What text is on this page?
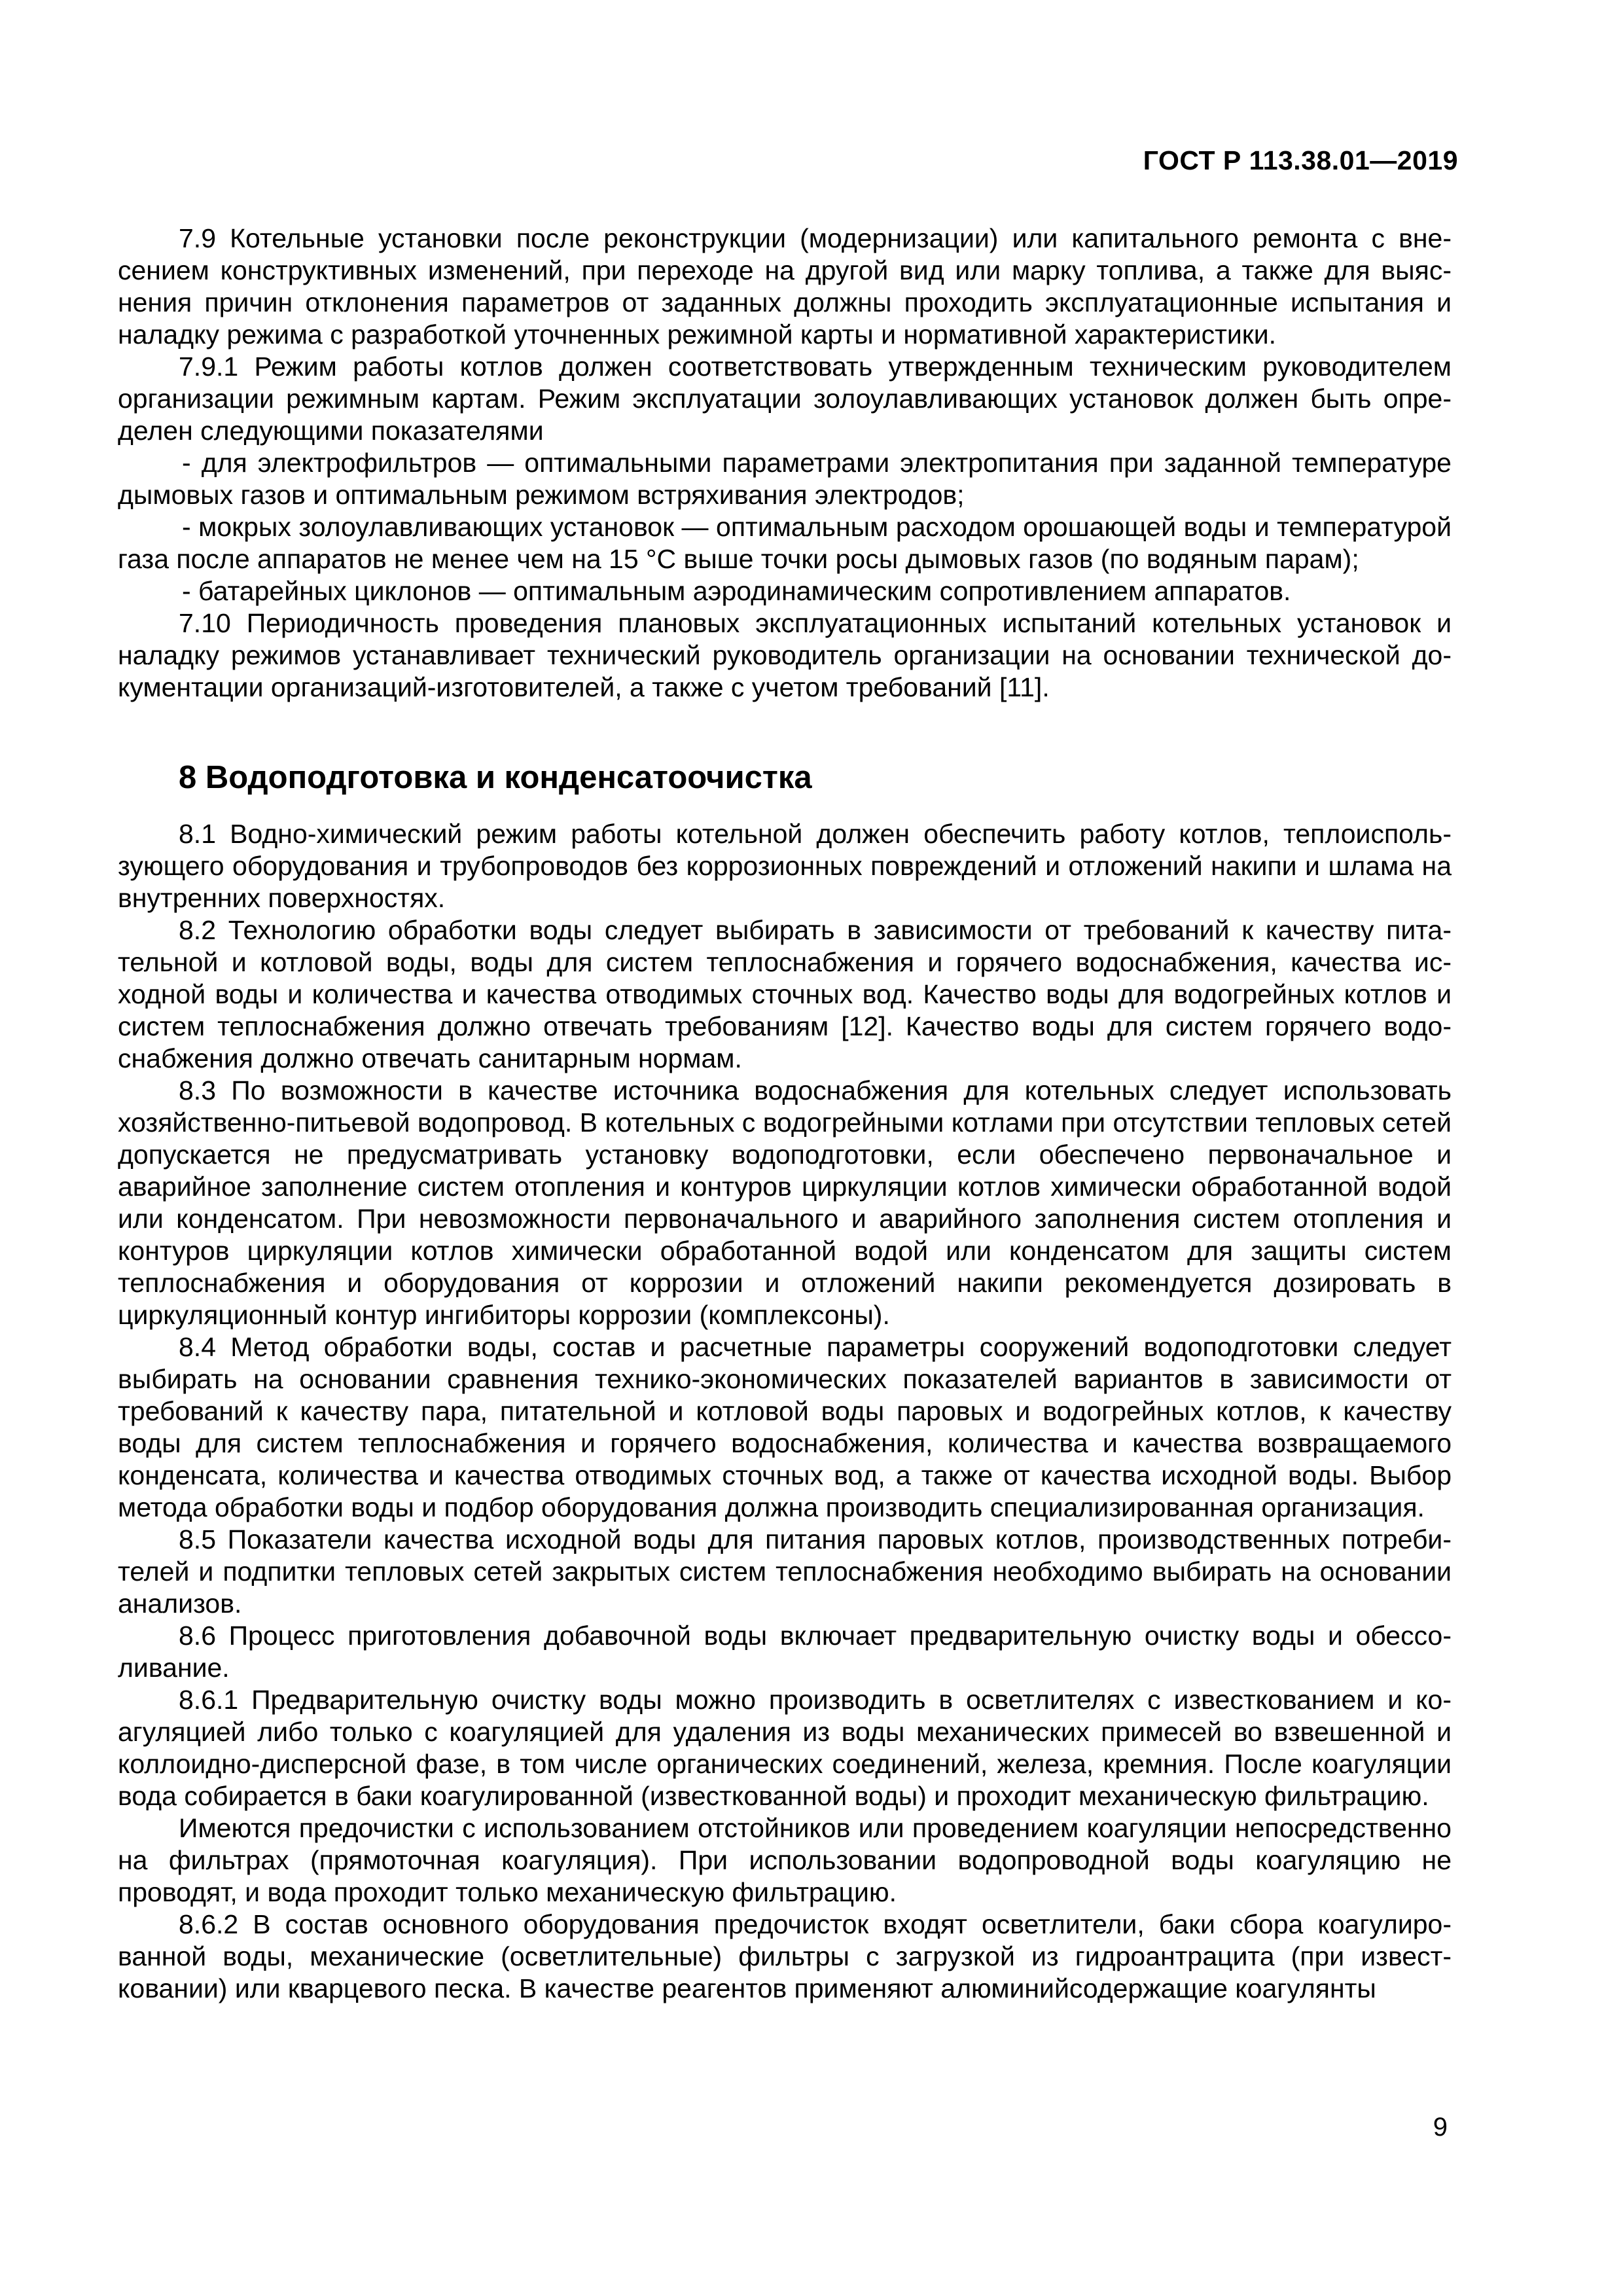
ГОСТ Р 113.38.01—2019

7.9 Котельные установки после реконструкции (модернизации) или капитального ремонта с внесением конструктивных изменений, при переходе на другой вид или марку топлива, а также для выяснения причин отклонения параметров от заданных должны проходить эксплуатационные испытания и наладку режима с разработкой уточненных режимной карты и нормативной характеристики.

7.9.1 Режим работы котлов должен соответствовать утвержденным техническим руководителем организации режимным картам. Режим эксплуатации золоулавливающих установок должен быть определен следующими показателями

- для электрофильтров — оптимальными параметрами электропитания при заданной температуре дымовых газов и оптимальным режимом встряхивания электродов;

- мокрых золоулавливающих установок — оптимальным расходом орошающей воды и температурой газа после аппаратов не менее чем на 15 °С выше точки росы дымовых газов (по водяным парам);

- батарейных циклонов — оптимальным аэродинамическим сопротивлением аппаратов.

7.10 Периодичность проведения плановых эксплуатационных испытаний котельных установок и наладку режимов устанавливает технический руководитель организации на основании технической документации организаций-изготовителей, а также с учетом требований [11].

8 Водоподготовка и конденсатоочистка

8.1 Водно-химический режим работы котельной должен обеспечить работу котлов, теплоиспользующего оборудования и трубопроводов без коррозионных повреждений и отложений накипи и шлама на внутренних поверхностях.

8.2 Технологию обработки воды следует выбирать в зависимости от требований к качеству питательной и котловой воды, воды для систем теплоснабжения и горячего водоснабжения, качества исходной воды и количества и качества отводимых сточных вод. Качество воды для водогрейных котлов и систем теплоснабжения должно отвечать требованиям [12]. Качество воды для систем горячего водоснабжения должно отвечать санитарным нормам.

8.3 По возможности в качестве источника водоснабжения для котельных следует использовать хозяйственно-питьевой водопровод. В котельных с водогрейными котлами при отсутствии тепловых сетей допускается не предусматривать установку водоподготовки, если обеспечено первоначальное и аварийное заполнение систем отопления и контуров циркуляции котлов химически обработанной водой или конденсатом. При невозможности первоначального и аварийного заполнения систем отопления и контуров циркуляции котлов химически обработанной водой или конденсатом для защиты систем теплоснабжения и оборудования от коррозии и отложений накипи рекомендуется дозировать в циркуляционный контур ингибиторы коррозии (комплексоны).

8.4 Метод обработки воды, состав и расчетные параметры сооружений водоподготовки следует выбирать на основании сравнения технико-экономических показателей вариантов в зависимости от требований к качеству пара, питательной и котловой воды паровых и водогрейных котлов, к качеству воды для систем теплоснабжения и горячего водоснабжения, количества и качества возвращаемого конденсата, количества и качества отводимых сточных вод, а также от качества исходной воды. Выбор метода обработки воды и подбор оборудования должна производить специализированная организация.

8.5 Показатели качества исходной воды для питания паровых котлов, производственных потребителей и подпитки тепловых сетей закрытых систем теплоснабжения необходимо выбирать на основании анализов.

8.6 Процесс приготовления добавочной воды включает предварительную очистку воды и обессоливание.

8.6.1 Предварительную очистку воды можно производить в осветлителях с известкованием и коагуляцией либо только с коагуляцией для удаления из воды механических примесей во взвешенной и коллоидно-дисперсной фазе, в том числе органических соединений, железа, кремния. После коагуляции вода собирается в баки коагулированной (известкованной воды) и проходит механическую фильтрацию.

Имеются предочистки с использованием отстойников или проведением коагуляции непосредственно на фильтрах (прямоточная коагуляция). При использовании водопроводной воды коагуляцию не проводят, и вода проходит только механическую фильтрацию.

8.6.2 В состав основного оборудования предочисток входят осветлители, баки сбора коагулированной воды, механические (осветлительные) фильтры с загрузкой из гидроантрацита (при известковании) или кварцевого песка. В качестве реагентов применяют алюминийсодержащие коагулянты

9
